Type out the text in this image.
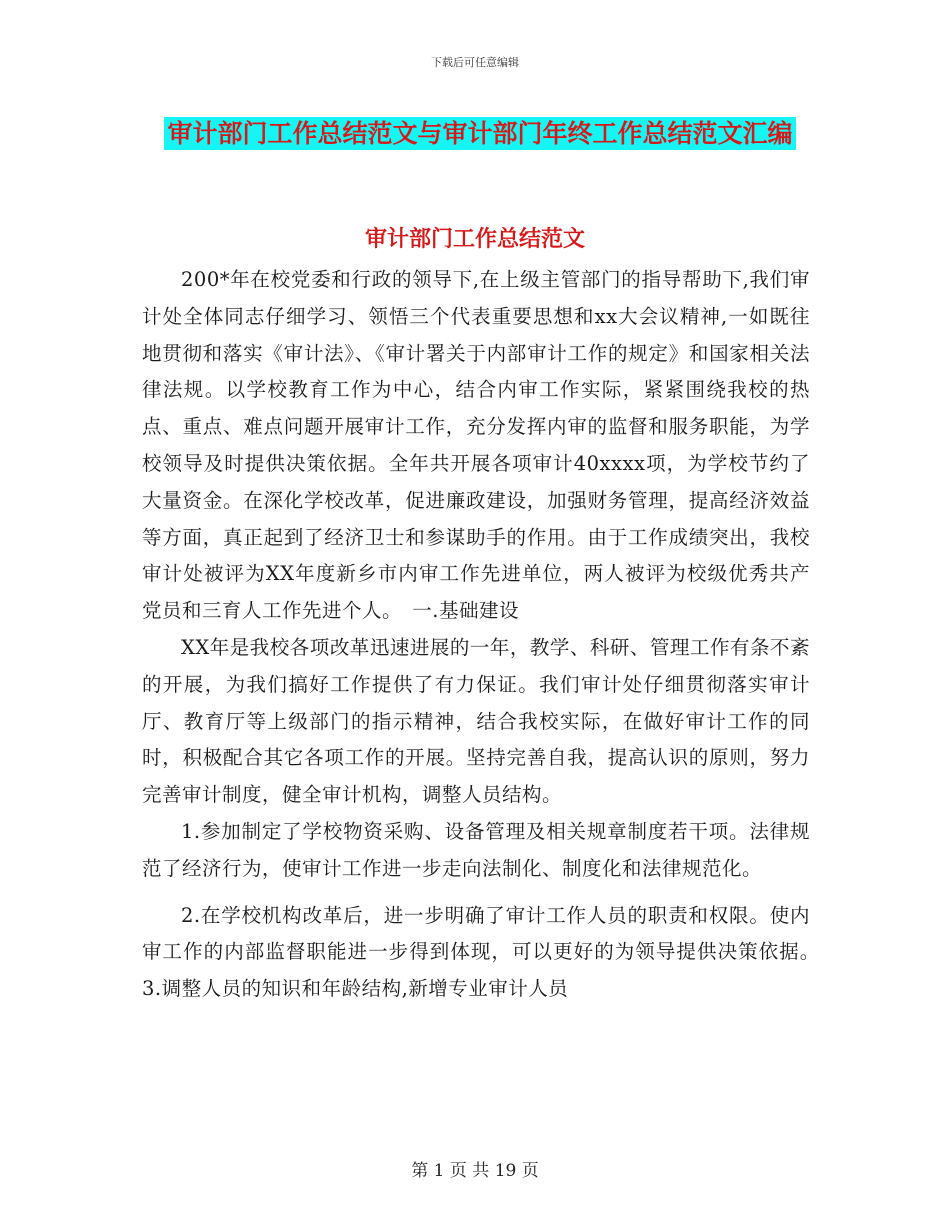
下载后可任意编辑
审计部门工作总结范文与审计部门年终工作总结范文汇编
审计部门工作总结范文

200*年在校党委和行政的领导下,在上级主管部门的指导帮助下,我们审计处全体同志仔细学习、领悟三个代表重要思想和xx大会议精神,一如既往地贯彻和落实《审计法》、《审计署关于内部审计工作的规定》和国家相关法律法规。以学校教育工作为中心，结合内审工作实际，紧紧围绕我校的热点、重点、难点问题开展审计工作，充分发挥内审的监督和服务职能，为学校领导及时提供决策依据。全年共开展各项审计40xxxx项，为学校节约了大量资金。在深化学校改革，促进廉政建设，加强财务管理，提高经济效益等方面，真正起到了经济卫士和参谋助手的作用。由于工作成绩突出，我校审计处被评为XX年度新乡市内审工作先进单位，两人被评为校级优秀共产党员和三育人工作先进个人。　一.基础建设

XX年是我校各项改革迅速进展的一年，教学、科研、管理工作有条不紊的开展，为我们搞好工作提供了有力保证。我们审计处仔细贯彻落实审计厅、教育厅等上级部门的指示精神，结合我校实际，在做好审计工作的同时，积极配合其它各项工作的开展。坚持完善自我，提高认识的原则，努力完善审计制度，健全审计机构，调整人员结构。

1.参加制定了学校物资采购、设备管理及相关规章制度若干项。法律规范了经济行为，使审计工作进一步走向法制化、制度化和法律规范化。

2.在学校机构改革后，进一步明确了审计工作人员的职责和权限。使内审工作的内部监督职能进一步得到体现，可以更好的为领导提供决策依据。　　3.调整人员的知识和年龄结构,新增专业审计人员

第 1 页 共 19 页
